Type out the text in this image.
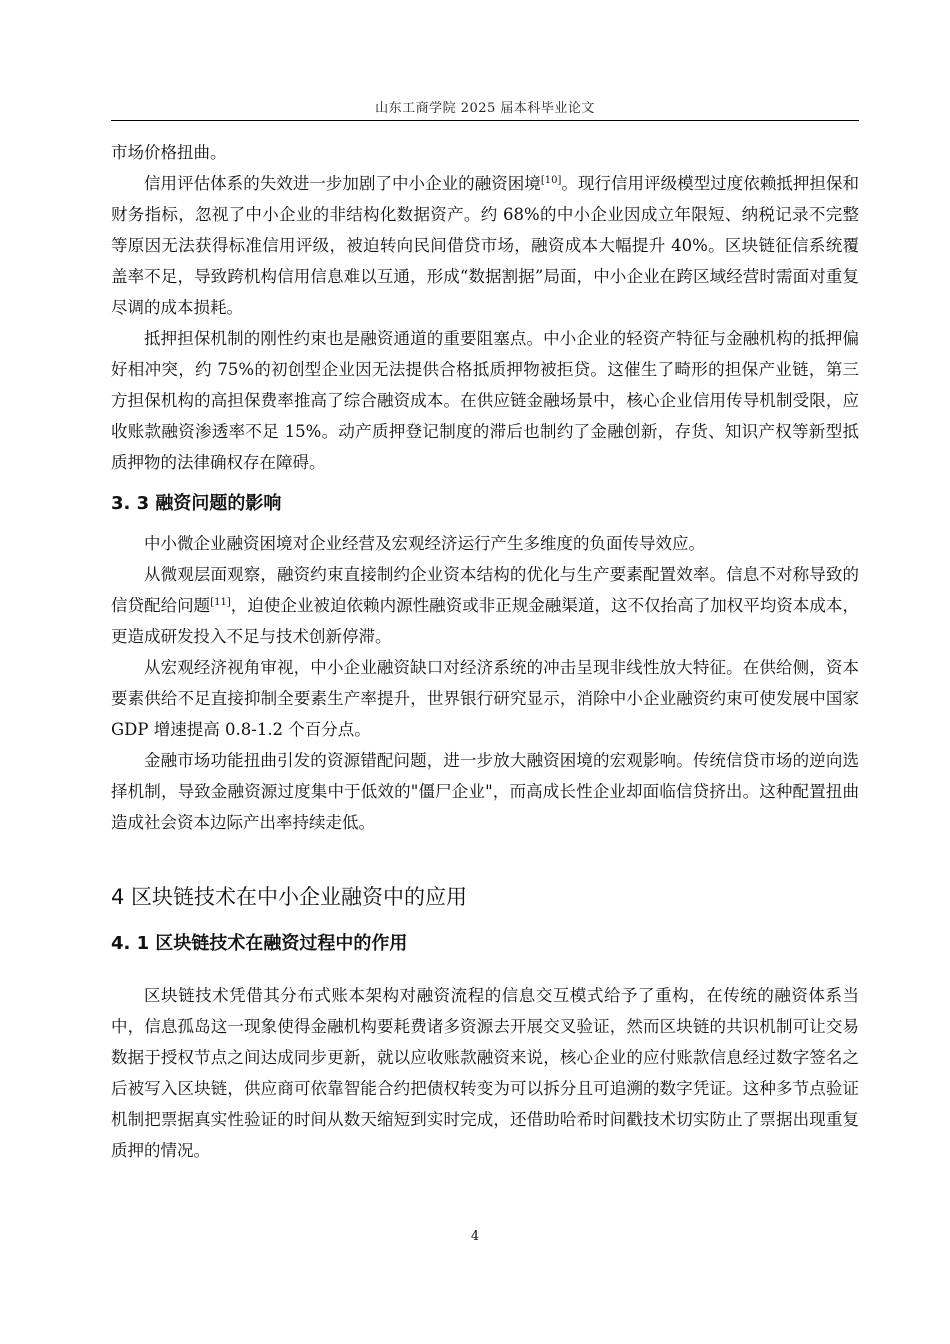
山东工商学院 2025 届本科毕业论文

市场价格扭曲。

信用评估体系的失效进一步加剧了中小企业的融资困境[10]。现行信用评级模型过度依赖抵押担保和财务指标，忽视了中小企业的非结构化数据资产。约 68%的中小企业因成立年限短、纳税记录不完整等原因无法获得标准信用评级，被迫转向民间借贷市场，融资成本大幅提升 40%。区块链征信系统覆盖率不足，导致跨机构信用信息难以互通，形成“数据割据”局面，中小企业在跨区域经营时需面对重复尽调的成本损耗。

抵押担保机制的刚性约束也是融资通道的重要阻塞点。中小企业的轻资产特征与金融机构的抵押偏好相冲突，约 75%的初创型企业因无法提供合格抵质押物被拒贷。这催生了畸形的担保产业链，第三方担保机构的高担保费率推高了综合融资成本。在供应链金融场景中，核心企业信用传导机制受限，应收账款融资渗透率不足 15%。动产质押登记制度的滞后也制约了金融创新，存货、知识产权等新型抵质押物的法律确权存在障碍。

3. 3 融资问题的影响

中小微企业融资困境对企业经营及宏观经济运行产生多维度的负面传导效应。

从微观层面观察，融资约束直接制约企业资本结构的优化与生产要素配置效率。信息不对称导致的信贷配给问题[11]，迫使企业被迫依赖内源性融资或非正规金融渠道，这不仅抬高了加权平均资本成本，更造成研发投入不足与技术创新停滞。

从宏观经济视角审视，中小企业融资缺口对经济系统的冲击呈现非线性放大特征。在供给侧，资本要素供给不足直接抑制全要素生产率提升，世界银行研究显示，消除中小企业融资约束可使发展中国家 GDP 增速提高 0.8-1.2 个百分点。

金融市场功能扭曲引发的资源错配问题，进一步放大融资困境的宏观影响。传统信贷市场的逆向选择机制，导致金融资源过度集中于低效的"僵尸企业"，而高成长性企业却面临信贷挤出。这种配置扭曲造成社会资本边际产出率持续走低。

4 区块链技术在中小企业融资中的应用
4. 1 区块链技术在融资过程中的作用

区块链技术凭借其分布式账本架构对融资流程的信息交互模式给予了重构，在传统的融资体系当中，信息孤岛这一现象使得金融机构要耗费诸多资源去开展交叉验证，然而区块链的共识机制可让交易数据于授权节点之间达成同步更新，就以应收账款融资来说，核心企业的应付账款信息经过数字签名之后被写入区块链，供应商可依靠智能合约把债权转变为可以拆分且可追溯的数字凭证。这种多节点验证机制把票据真实性验证的时间从数天缩短到实时完成，还借助哈希时间戳技术切实防止了票据出现重复质押的情况。

4
